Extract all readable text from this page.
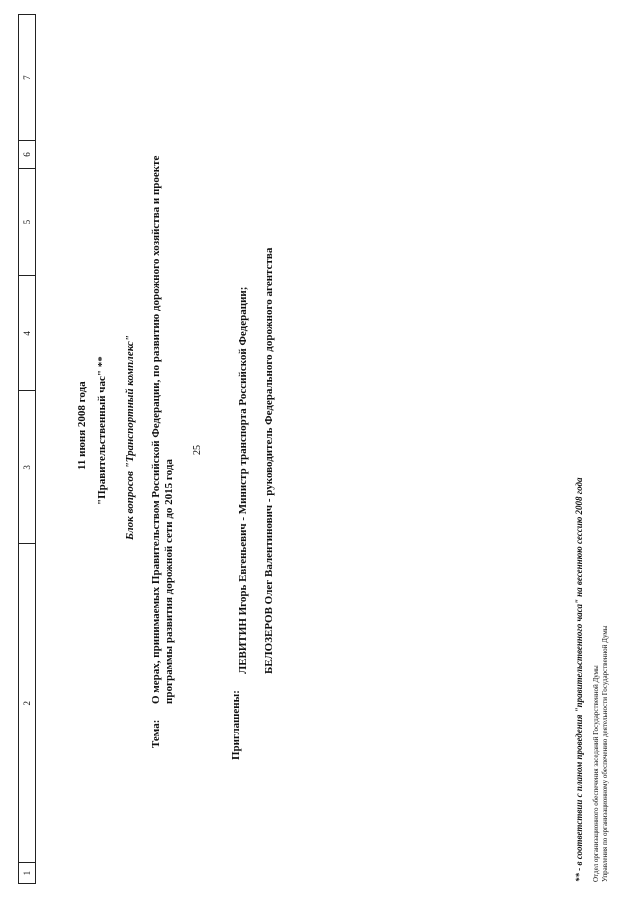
25
1
2
3
4
5
6
7
11 июня 2008 года "Правительственный час" ** Блок вопросов "Транспортный комплекс"
Тема:
О мерах, принимаемых Правительством Российской Федерации, по развитию дорожного хозяйства и проекте программы развития дорожной сети до 2015 года
Приглашены:
ЛЕВИТИН Игорь Евгеньевич - Министр транспорта Российской Федерации;	БЕЛОЗЕРОВ Олег Валентинович - руководитель Федерального дорожного агентства
** - в соответствии с планом проведения "правительственного часа" на весеннюю сессию 2008 года Отдел организационного обеспечения заседаний Государственной Думы Управления по организационному обеспечению деятельности Государственной Думы
